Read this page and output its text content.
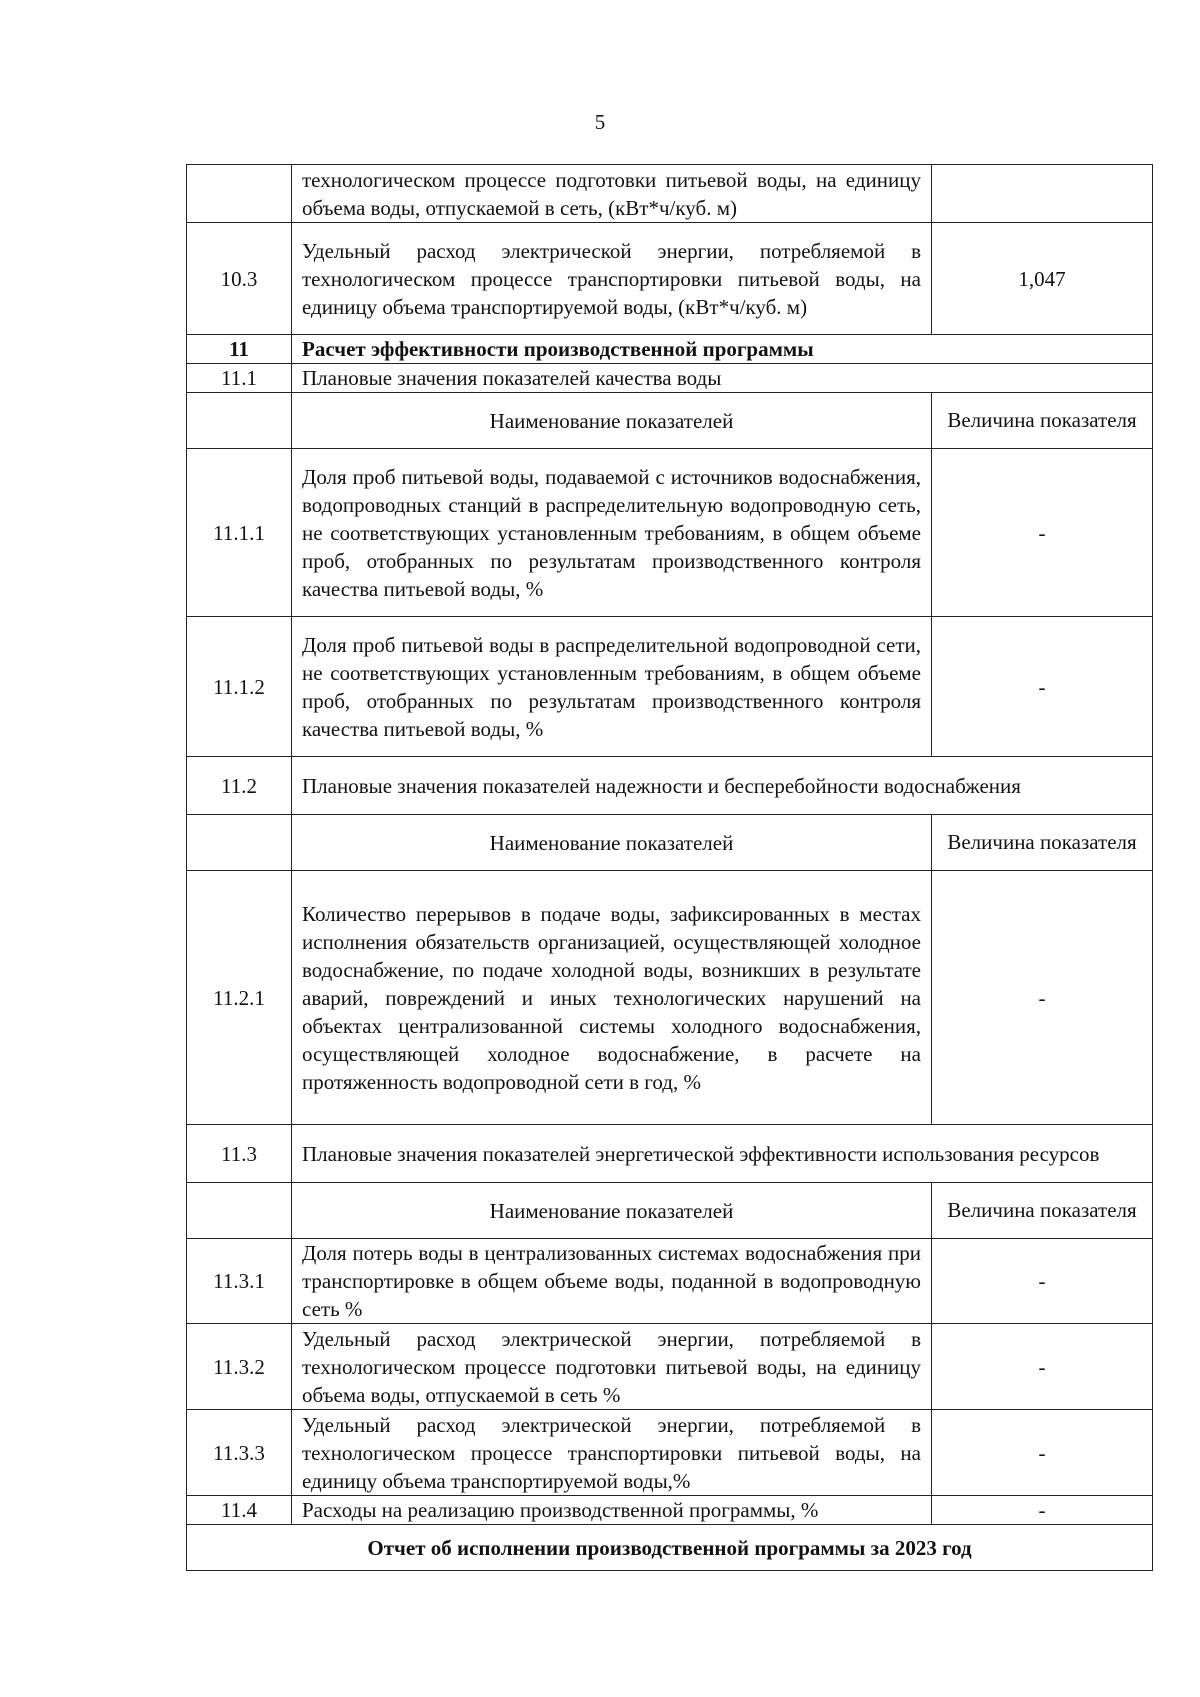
5
	технологическом процессе подготовки питьевой воды, на единицу объема воды, отпускаемой в сеть, (кВт*ч/куб. м)	
10.3	Удельный расход электрической энергии, потребляемой в технологическом процессе транспортировки питьевой воды, на единицу объема транспортируемой воды, (кВт*ч/куб. м)	1,047
11	Расчет эффективности производственной программы	
11.1	Плановые значения показателей качества воды	
	Наименование показателей	Величина показателя
11.1.1	Доля проб питьевой воды, подаваемой с источников водоснабжения, водопроводных станций в распределительную водопроводную сеть, не соответствующих установленным требованиям, в общем объеме проб, отобранных по результатам производственного контроля качества питьевой воды, %	-
11.1.2	Доля проб питьевой воды в распределительной водопроводной сети, не соответствующих установленным требованиям, в общем объеме проб, отобранных по результатам производственного контроля качества питьевой воды, %	-
11.2	Плановые значения показателей надежности и бесперебойности водоснабжения	
	Наименование показателей	Величина показателя
11.2.1	Количество перерывов в подаче воды, зафиксированных в местах исполнения обязательств организацией, осуществляющей холодное водоснабжение, по подаче холодной воды, возникших в результате аварий, повреждений и иных технологических нарушений на объектах централизованной системы холодного водоснабжения, осуществляющей холодное водоснабжение, в расчете на протяженность водопроводной сети в год, %	-
11.3	Плановые значения показателей энергетической эффективности использования ресурсов	
	Наименование показателей	Величина показателя
11.3.1	Доля потерь воды в централизованных системах водоснабжения при транспортировке в общем объеме воды, поданной в водопроводную сеть %	-
11.3.2	Удельный расход электрической энергии, потребляемой в технологическом процессе подготовки питьевой воды, на единицу объема воды, отпускаемой в сеть %	-
11.3.3	Удельный расход электрической энергии, потребляемой в технологическом процессе транспортировки питьевой воды, на единицу объема транспортируемой воды,%	-
11.4	Расходы на реализацию производственной программы, %	-
Отчет об исполнении производственной программы за 2023 год		
